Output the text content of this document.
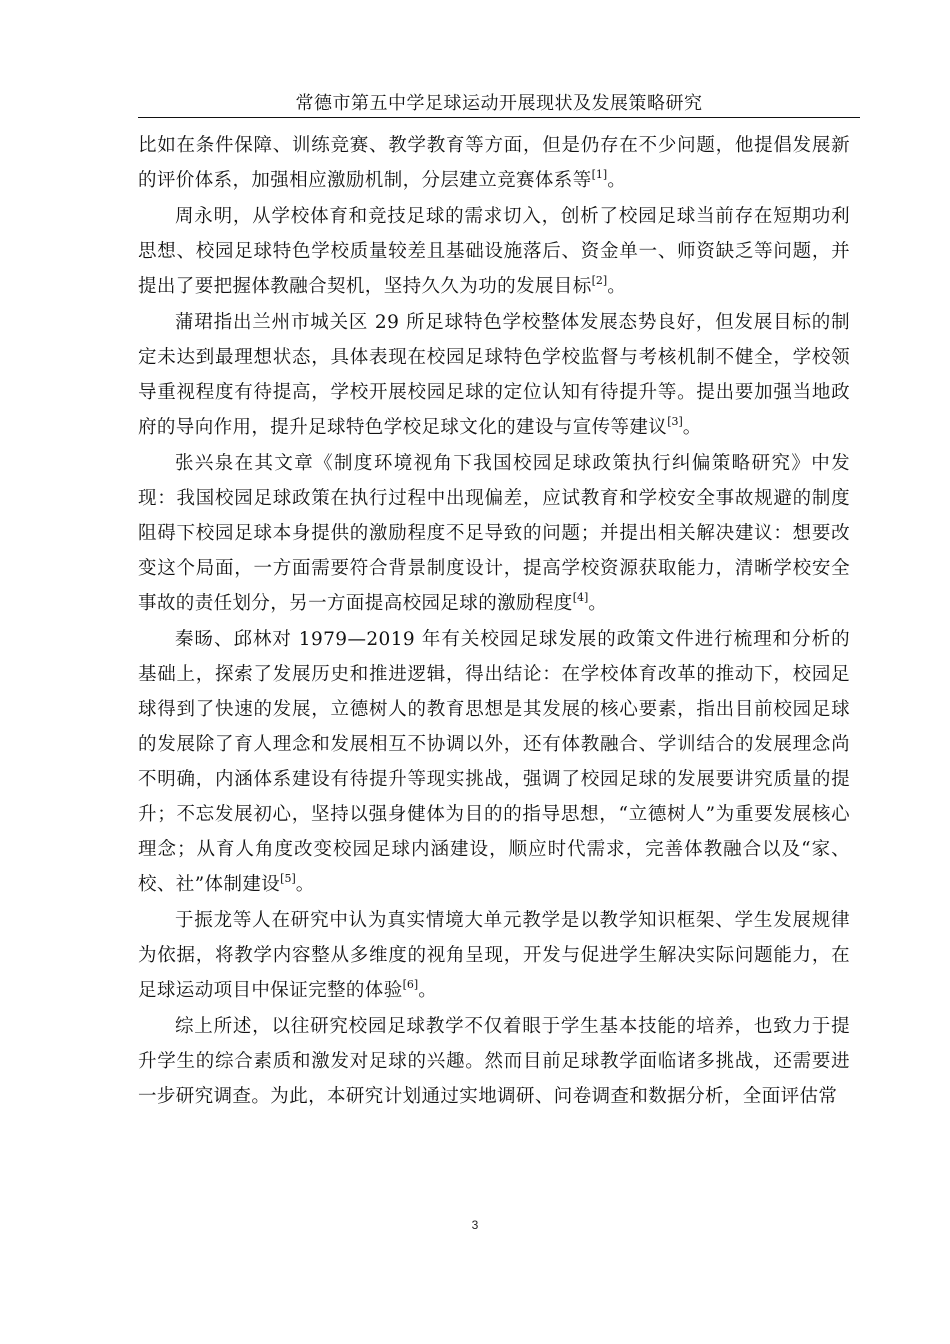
常德市第五中学足球运动开展现状及发展策略研究

比如在条件保障、训练竞赛、教学教育等方面，但是仍存在不少问题，他提倡发展新的评价体系，加强相应激励机制，分层建立竞赛体系等[1]。

周永明，从学校体育和竞技足球的需求切入，创析了校园足球当前存在短期功利思想、校园足球特色学校质量较差且基础设施落后、资金单一、师资缺乏等问题，并提出了要把握体教融合契机，坚持久久为功的发展目标[2]。

蒲珺指出兰州市城关区 29 所足球特色学校整体发展态势良好，但发展目标的制定未达到最理想状态，具体表现在校园足球特色学校监督与考核机制不健全，学校领导重视程度有待提高，学校开展校园足球的定位认知有待提升等。提出要加强当地政府的导向作用，提升足球特色学校足球文化的建设与宣传等建议[3]。

张兴泉在其文章《制度环境视角下我国校园足球政策执行纠偏策略研究》中发现：我国校园足球政策在执行过程中出现偏差，应试教育和学校安全事故规避的制度阻碍下校园足球本身提供的激励程度不足导致的问题；并提出相关解决建议：想要改变这个局面，一方面需要符合背景制度设计，提高学校资源获取能力，清晰学校安全事故的责任划分，另一方面提高校园足球的激励程度[4]。

秦旸、邱林对 1979—2019 年有关校园足球发展的政策文件进行梳理和分析的基础上，探索了发展历史和推进逻辑，得出结论：在学校体育改革的推动下，校园足球得到了快速的发展，立德树人的教育思想是其发展的核心要素，指出目前校园足球的发展除了育人理念和发展相互不协调以外，还有体教融合、学训结合的发展理念尚不明确，内涵体系建设有待提升等现实挑战，强调了校园足球的发展要讲究质量的提升；不忘发展初心，坚持以强身健体为目的的指导思想，“立德树人”为重要发展核心理念；从育人角度改变校园足球内涵建设，顺应时代需求，完善体教融合以及“家、校、社”体制建设[5]。

于振龙等人在研究中认为真实情境大单元教学是以教学知识框架、学生发展规律为依据，将教学内容整从多维度的视角呈现，开发与促进学生解决实际问题能力，在足球运动项目中保证完整的体验[6]。

综上所述，以往研究校园足球教学不仅着眼于学生基本技能的培养，也致力于提升学生的综合素质和激发对足球的兴趣。然而目前足球教学面临诸多挑战，还需要进一步研究调查。为此，本研究计划通过实地调研、问卷调查和数据分析，全面评估常

3
